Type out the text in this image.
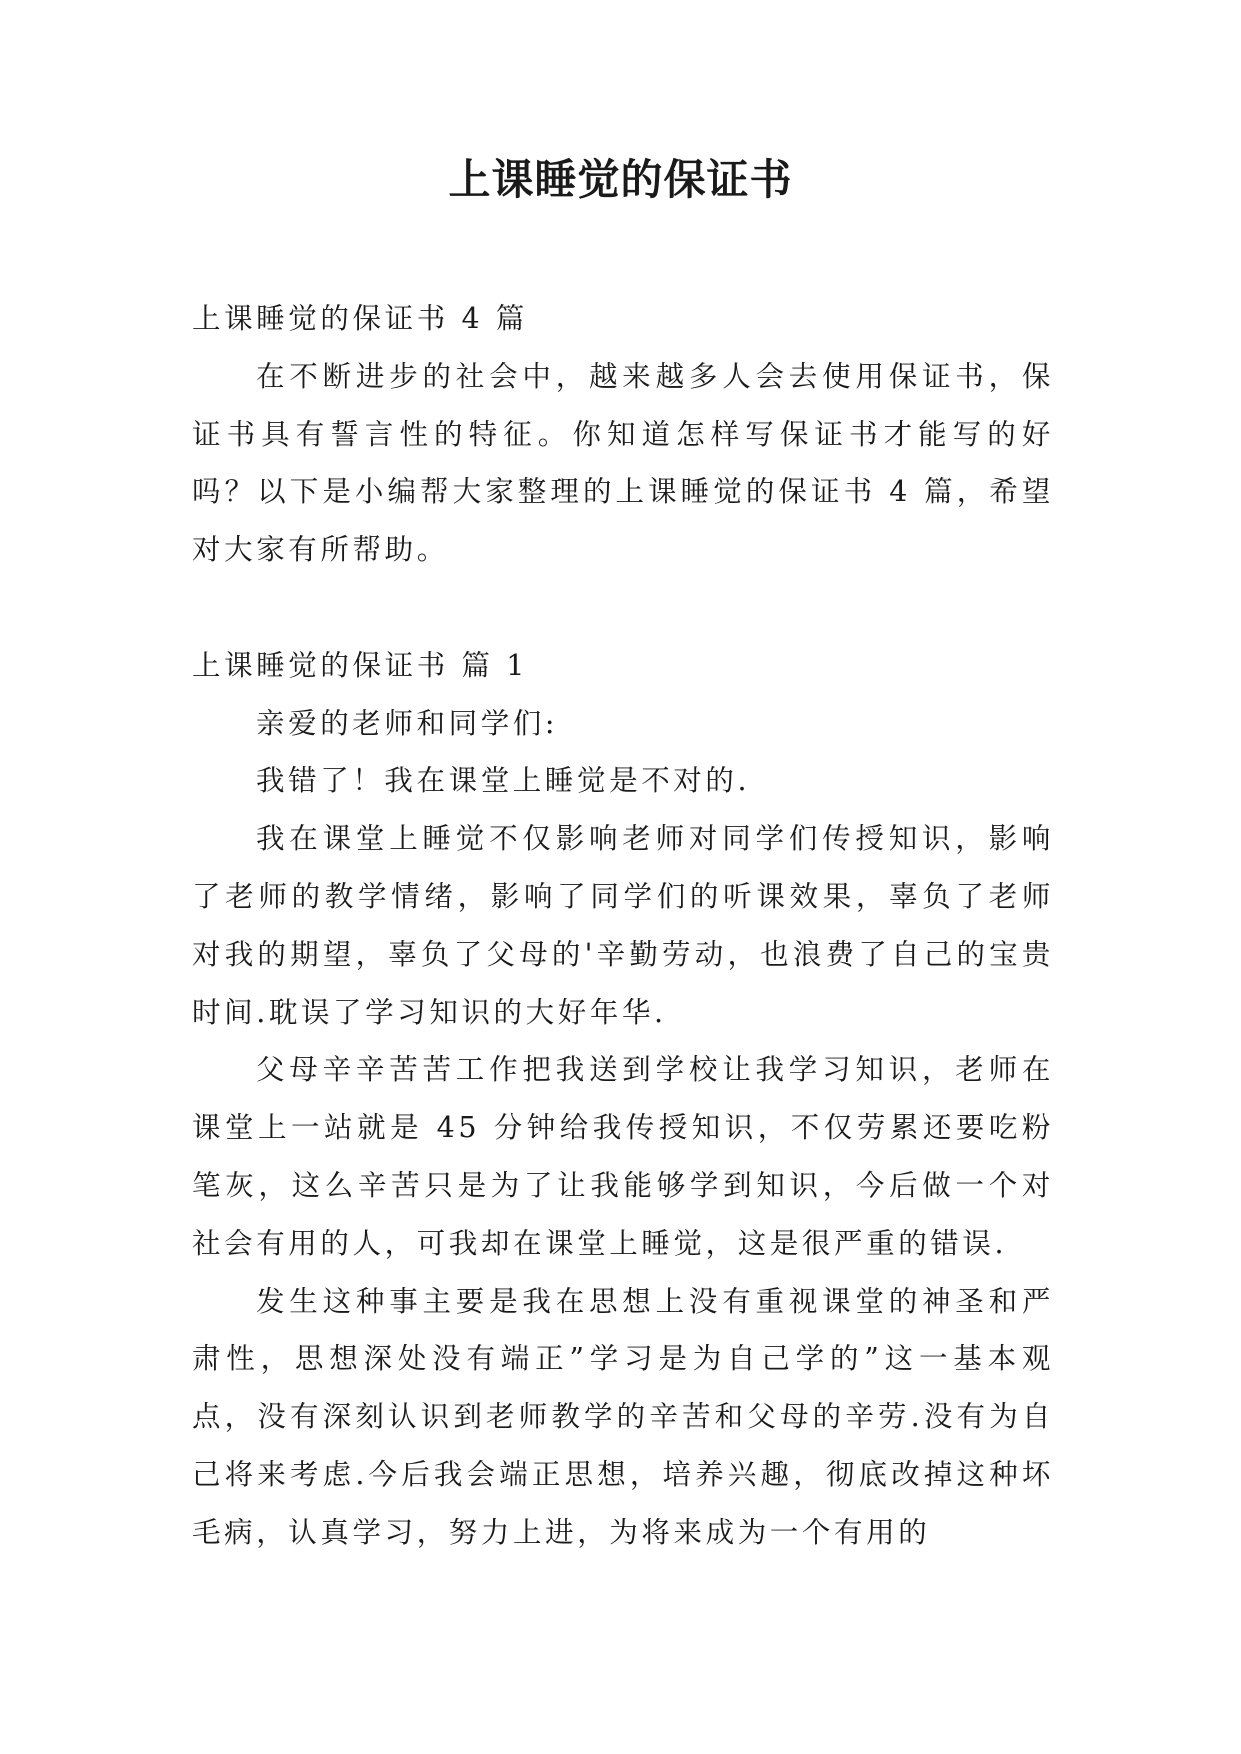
上课睡觉的保证书

上课睡觉的保证书 4 篇

在不断进步的社会中，越来越多人会去使用保证书，保证书具有誓言性的特征。你知道怎样写保证书才能写的好吗？以下是小编帮大家整理的上课睡觉的保证书 4 篇，希望对大家有所帮助。

上课睡觉的保证书 篇 1

亲爱的老师和同学们:

我错了！我在课堂上睡觉是不对的.

我在课堂上睡觉不仅影响老师对同学们传授知识，影响了老师的教学情绪，影响了同学们的听课效果，辜负了老师对我的期望，辜负了父母的'辛勤劳动，也浪费了自己的宝贵时间.耽误了学习知识的大好年华.

父母辛辛苦苦工作把我送到学校让我学习知识，老师在课堂上一站就是 45 分钟给我传授知识，不仅劳累还要吃粉笔灰，这么辛苦只是为了让我能够学到知识，今后做一个对社会有用的人，可我却在课堂上睡觉，这是很严重的错误.

发生这种事主要是我在思想上没有重视课堂的神圣和严肃性，思想深处没有端正”学习是为自己学的”这一基本观点，没有深刻认识到老师教学的辛苦和父母的辛劳.没有为自己将来考虑.今后我会端正思想，培养兴趣，彻底改掉这种坏毛病，认真学习，努力上进，为将来成为一个有用的
